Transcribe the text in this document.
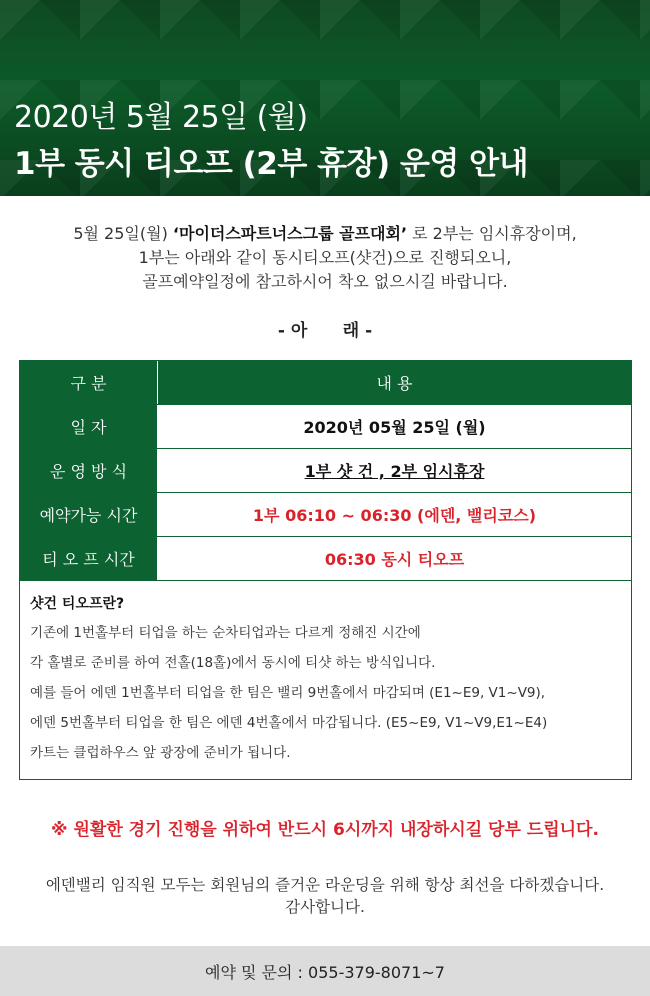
2020년 5월 25일 (월)
1부 동시 티오프 (2부 휴장) 운영 안내
5월 25일(월) ‘마이더스파트너스그룹 골프대회’ 로 2부는 임시휴장이며,
1부는 아래와 같이 동시티오프(샷건)으로 진행되오니,
골프예약일정에 참고하시어 착오 없으시길 바랍니다.
- 아      래 -
구 분	내 용
일 자	2020년 05월 25일 (월)
운 영 방 식	1부 샷 건 , 2부 임시휴장
예약가능 시간	1부 06:10 ~ 06:30 (에덴, 밸리코스)
티 오 프 시간	06:30 동시 티오프
샷건 티오프란?
기존에 1번홀부터 티업을 하는 순차티업과는 다르게 정해진 시간에
각 홀별로 준비를 하여 전홀(18홀)에서 동시에 티샷 하는 방식입니다.
예를 들어 에덴 1번홀부터 티업을 한 팀은 밸리 9번홀에서 마감되며 (E1~E9, V1~V9),
에덴 5번홀부터 티업을 한 팀은 에덴 4번홀에서 마감됩니다. (E5~E9, V1~V9,E1~E4)
카트는 클럽하우스 앞 광장에 준비가 됩니다.
※ 원활한 경기 진행을 위하여 반드시 6시까지 내장하시길 당부 드립니다.
에덴밸리 임직원 모두는 회원님의 즐거운 라운딩을 위해 항상 최선을 다하겠습니다.
감사합니다.
예약 및 문의 : 055-379-8071~7
